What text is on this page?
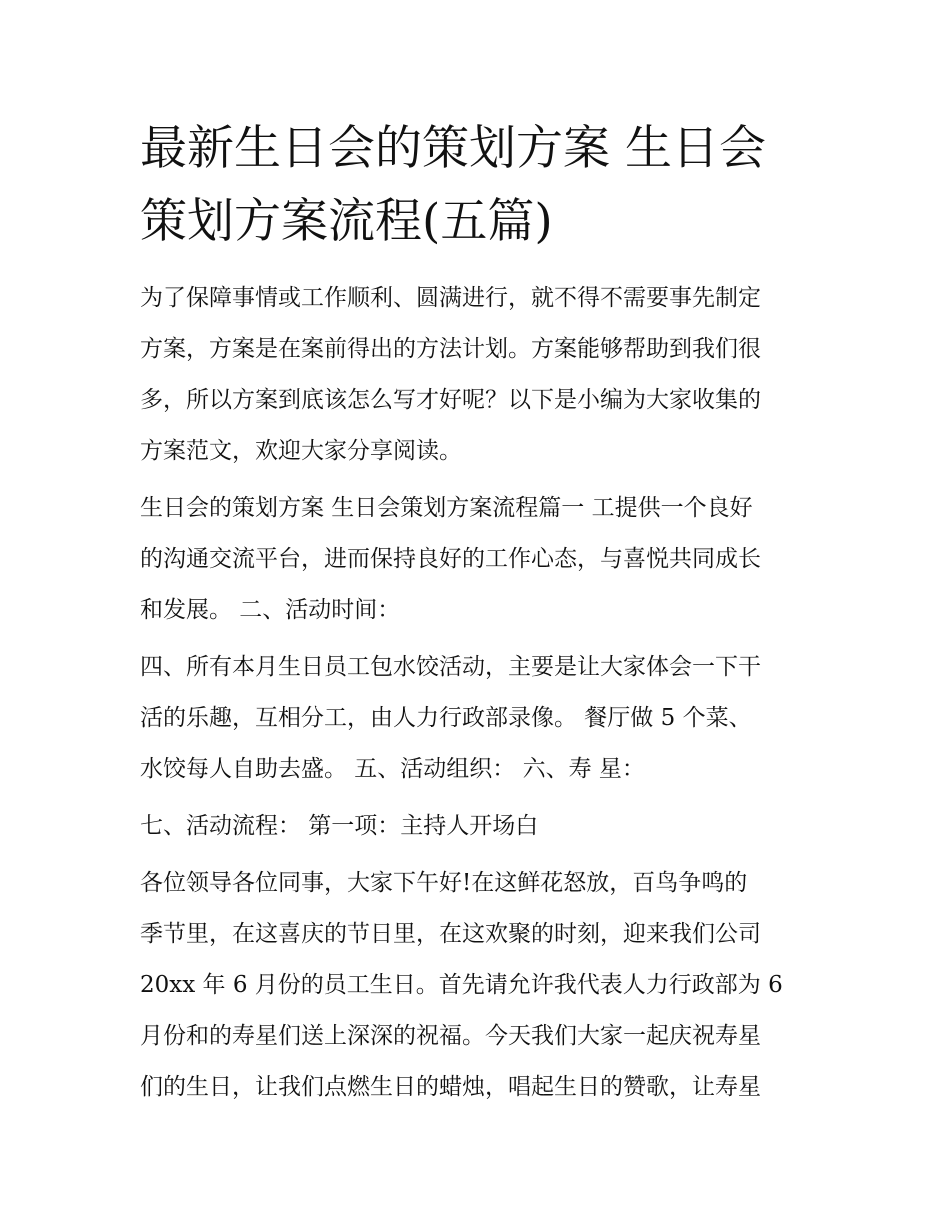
最新生日会的策划方案 生日会
策划方案流程(五篇)

为了保障事情或工作顺利、圆满进行，就不得不需要事先制定
方案，方案是在案前得出的方法计划。方案能够帮助到我们很
多，所以方案到底该怎么写才好呢？以下是小编为大家收集的
方案范文，欢迎大家分享阅读。

生日会的策划方案 生日会策划方案流程篇一 工提供一个良好
的沟通交流平台，进而保持良好的工作心态，与喜悦共同成长
和发展。 二、活动时间：

四、所有本月生日员工包水饺活动，主要是让大家体会一下干
活的乐趣，互相分工，由人力行政部录像。 餐厅做 5 个菜、
水饺每人自助去盛。 五、活动组织： 六、寿 星：

七、活动流程： 第一项：主持人开场白

各位领导各位同事，大家下午好!在这鲜花怒放，百鸟争鸣的
季节里，在这喜庆的节日里，在这欢聚的时刻，迎来我们公司
20xx 年 6 月份的员工生日。首先请允许我代表人力行政部为 6
月份和的寿星们送上深深的祝福。今天我们大家一起庆祝寿星
们的生日，让我们点燃生日的蜡烛，唱起生日的赞歌，让寿星
